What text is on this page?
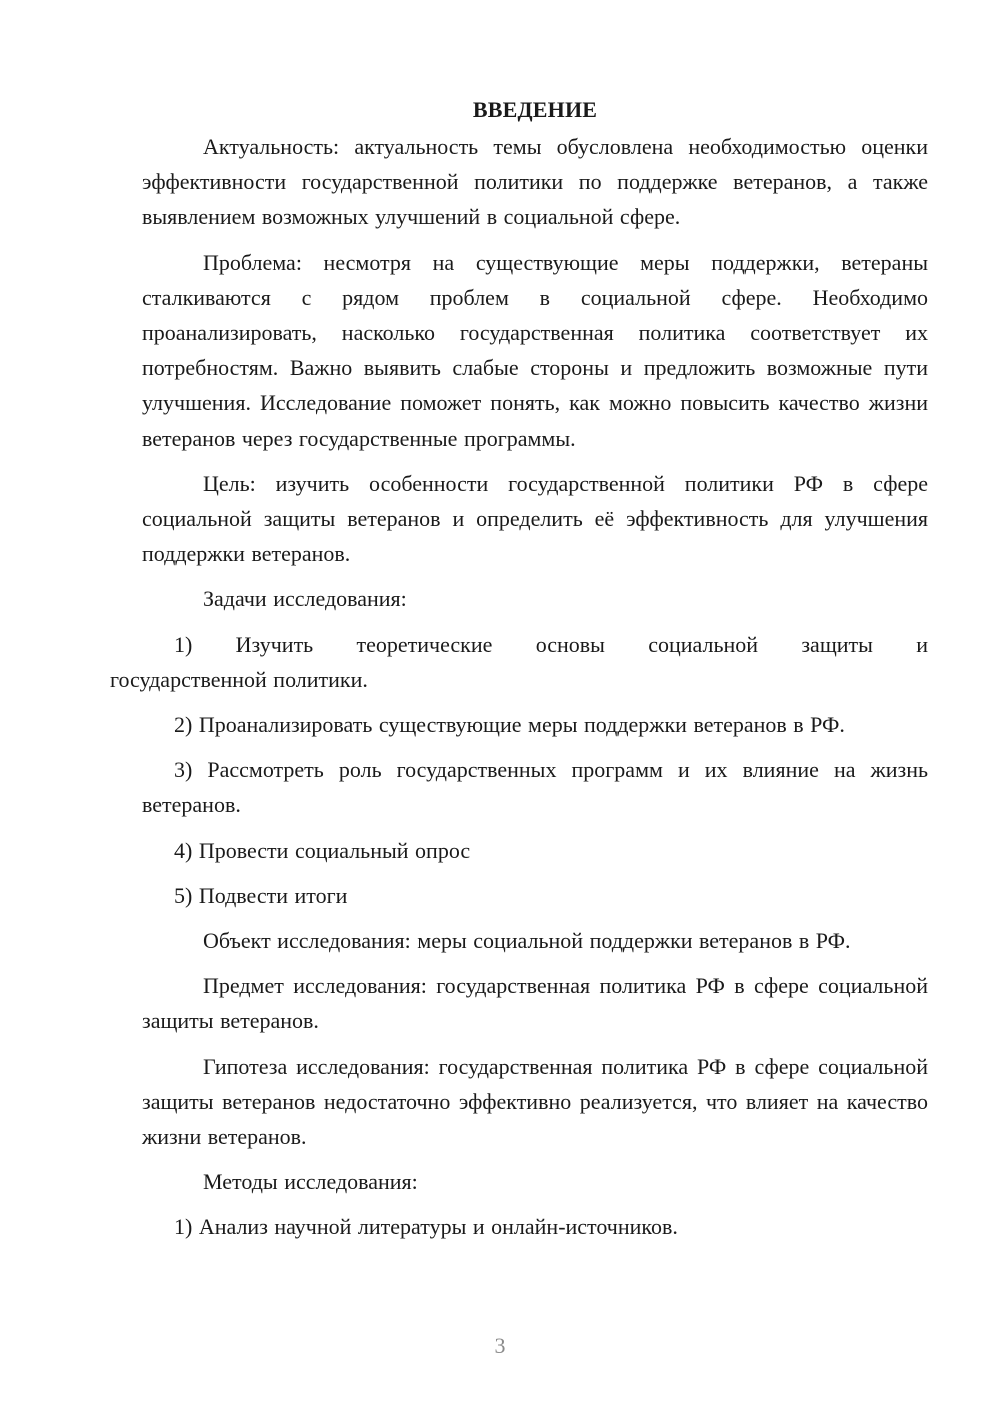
ВВЕДЕНИЕ

Актуальность: актуальность темы обусловлена необходимостью оценки эффективности государственной политики по поддержке ветеранов, а также выявлением возможных улучшений в социальной сфере.

Проблема: несмотря на существующие меры поддержки, ветераны сталкиваются с рядом проблем в социальной сфере. Необходимо проанализировать, насколько государственная политика соответствует их потребностям. Важно выявить слабые стороны и предложить возможные пути улучшения. Исследование поможет понять, как можно повысить качество жизни ветеранов через государственные программы.

Цель: изучить особенности государственной политики РФ в сфере социальной защиты ветеранов и определить её эффективность для улучшения поддержки ветеранов.

Задачи исследования:

1) Изучить теоретические основы социальной защиты и
государственной политики.

2) Проанализировать существующие меры поддержки ветеранов в РФ.

3) Рассмотреть роль государственных программ и их влияние на жизнь ветеранов.

4) Провести социальный опрос

5) Подвести итоги

Объект исследования: меры социальной поддержки ветеранов в РФ.

Предмет исследования: государственная политика РФ в сфере социальной защиты ветеранов.

Гипотеза исследования: государственная политика РФ в сфере социальной защиты ветеранов недостаточно эффективно реализуется, что влияет на качество жизни ветеранов.

Методы исследования:

1) Анализ научной литературы и онлайн-источников.

3
